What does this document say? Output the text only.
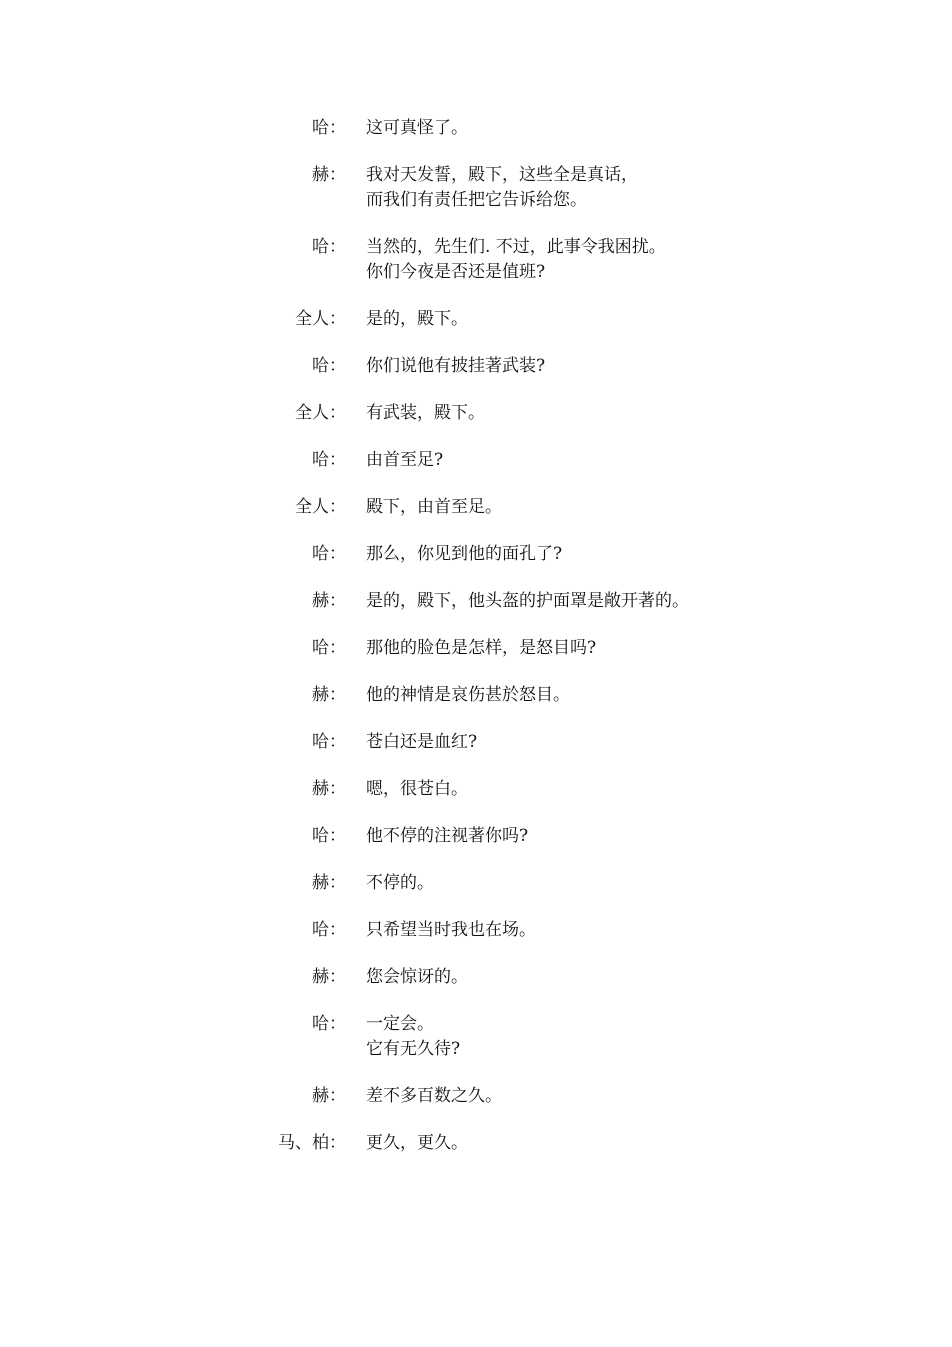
哈： 这可真怪了。
赫： 我对天发誓，殿下，这些全是真话，
而我们有责任把它告诉给您。
哈： 当然的，先生们. 不过，此事令我困扰。
你们今夜是否还是值班?
全人： 是的，殿下。
哈： 你们说他有披挂著武装?
全人： 有武装，殿下。
哈： 由首至足?
全人： 殿下，由首至足。
哈： 那么，你见到他的面孔了?
赫： 是的，殿下，他头盔的护面罩是敞开著的。
哈： 那他的脸色是怎样，是怒目吗?
赫： 他的神情是哀伤甚於怒目。
哈： 苍白还是血红?
赫： 嗯，很苍白。
哈： 他不停的注视著你吗?
赫： 不停的。
哈： 只希望当时我也在场。
赫： 您会惊讶的。
哈： 一定会。
它有无久待?
赫： 差不多百数之久。
马、柏： 更久，更久。
